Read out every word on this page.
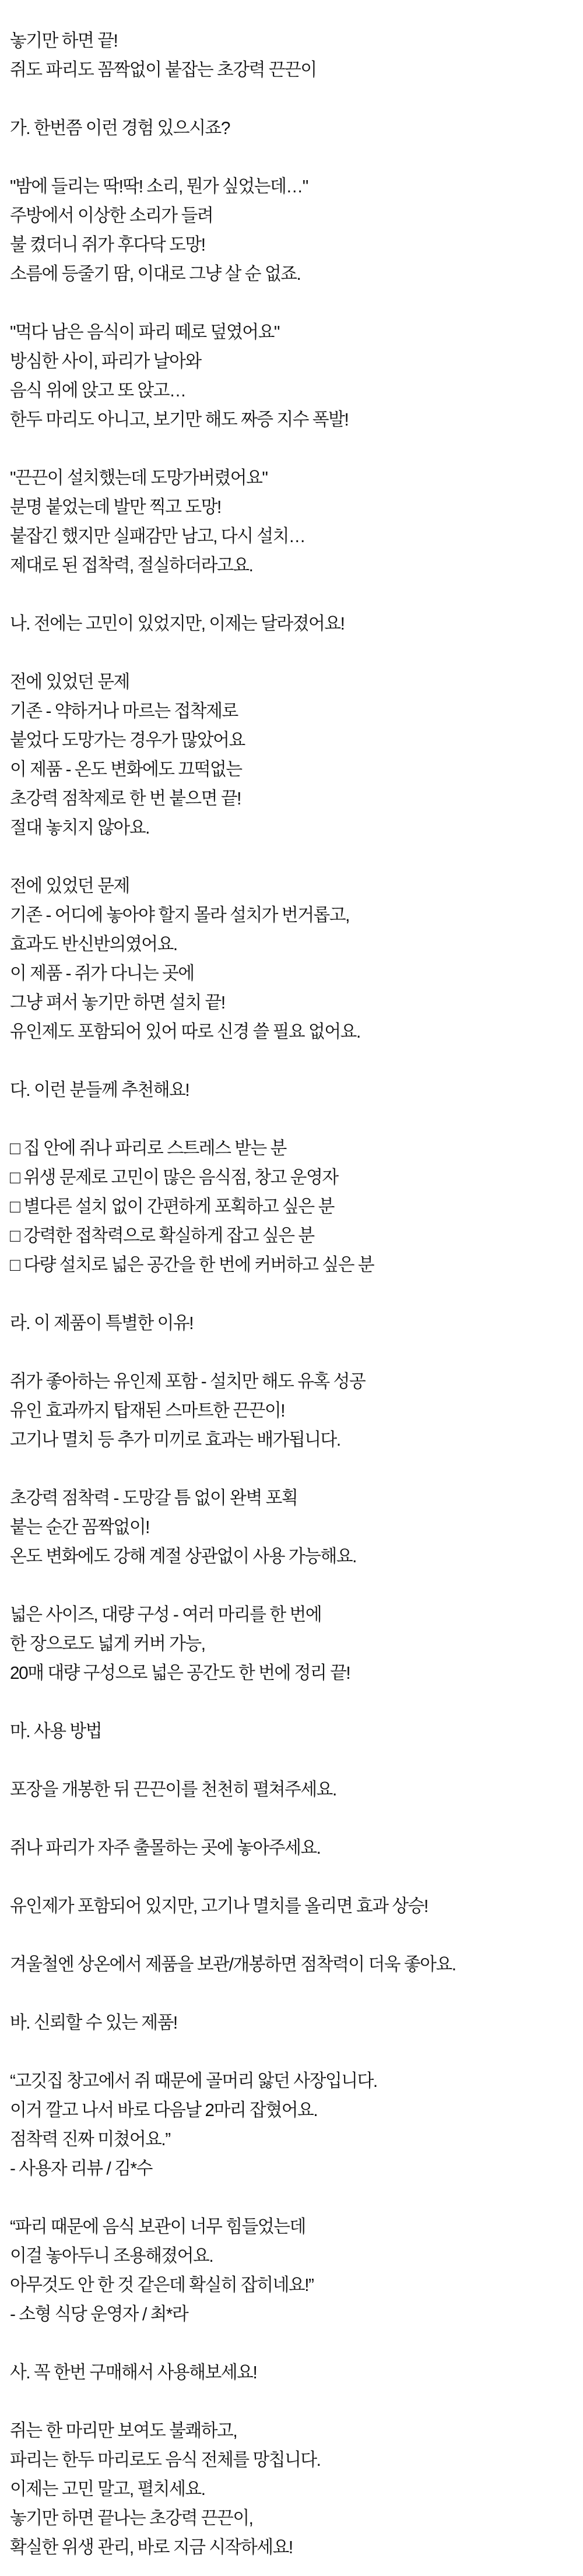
놓기만 하면 끝!

쥐도 파리도 꼼짝없이 붙잡는 초강력 끈끈이

가. 한번쯤 이런 경험 있으시죠?

"밤에 들리는 딱!딱! 소리, 뭔가 싶었는데…"

주방에서 이상한 소리가 들려

불 켰더니 쥐가 후다닥 도망!

소름에 등줄기 땀, 이대로 그냥 살 순 없죠.

"먹다 남은 음식이 파리 떼로 덮였어요"

방심한 사이, 파리가 날아와

음식 위에 앉고 또 앉고…

한두 마리도 아니고, 보기만 해도 짜증 지수 폭발!

"끈끈이 설치했는데 도망가버렸어요"

분명 붙었는데 발만 찍고 도망!

붙잡긴 했지만 실패감만 남고, 다시 설치…

제대로 된 접착력, 절실하더라고요.

나. 전에는 고민이 있었지만, 이제는 달라졌어요!

전에 있었던 문제

기존 - 약하거나 마르는 접착제로

붙었다 도망가는 경우가 많았어요

이 제품 - 온도 변화에도 끄떡없는

초강력 점착제로 한 번 붙으면 끝!

절대 놓치지 않아요.

전에 있었던 문제

기존 - 어디에 놓아야 할지 몰라 설치가 번거롭고,

효과도 반신반의였어요.

이 제품 - 쥐가 다니는 곳에

그냥 펴서 놓기만 하면 설치 끝!

유인제도 포함되어 있어 따로 신경 쓸 필요 없어요.

다. 이런 분들께 추천해요!

□ 집 안에 쥐나 파리로 스트레스 받는 분

□ 위생 문제로 고민이 많은 음식점, 창고 운영자

□ 별다른 설치 없이 간편하게 포획하고 싶은 분

□ 강력한 접착력으로 확실하게 잡고 싶은 분

□ 다량 설치로 넓은 공간을 한 번에 커버하고 싶은 분

라. 이 제품이 특별한 이유!

쥐가 좋아하는 유인제 포함 - 설치만 해도 유혹 성공

유인 효과까지 탑재된 스마트한 끈끈이!

고기나 멸치 등 추가 미끼로 효과는 배가됩니다.

초강력 점착력 - 도망갈 틈 없이 완벽 포획

붙는 순간 꼼짝없이!

온도 변화에도 강해 계절 상관없이 사용 가능해요.

넓은 사이즈, 대량 구성 - 여러 마리를 한 번에

한 장으로도 넓게 커버 가능,

20매 대량 구성으로 넓은 공간도 한 번에 정리 끝!

마. 사용 방법

포장을 개봉한 뒤 끈끈이를 천천히 펼쳐주세요.

쥐나 파리가 자주 출몰하는 곳에 놓아주세요.

유인제가 포함되어 있지만, 고기나 멸치를 올리면 효과 상승!

겨울철엔 상온에서 제품을 보관/개봉하면 점착력이 더욱 좋아요.

바. 신뢰할 수 있는 제품!

“고깃집 창고에서 쥐 때문에 골머리 앓던 사장입니다.

이거 깔고 나서 바로 다음날 2마리 잡혔어요.

점착력 진짜 미쳤어요.”

- 사용자 리뷰 / 김*수

“파리 때문에 음식 보관이 너무 힘들었는데

이걸 놓아두니 조용해졌어요.

아무것도 안 한 것 같은데 확실히 잡히네요!”

- 소형 식당 운영자 / 최*라

사. 꼭 한번 구매해서 사용해보세요!

쥐는 한 마리만 보여도 불쾌하고,

파리는 한두 마리로도 음식 전체를 망칩니다.

이제는 고민 말고, 펼치세요.

놓기만 하면 끝나는 초강력 끈끈이,

확실한 위생 관리, 바로 지금 시작하세요!
